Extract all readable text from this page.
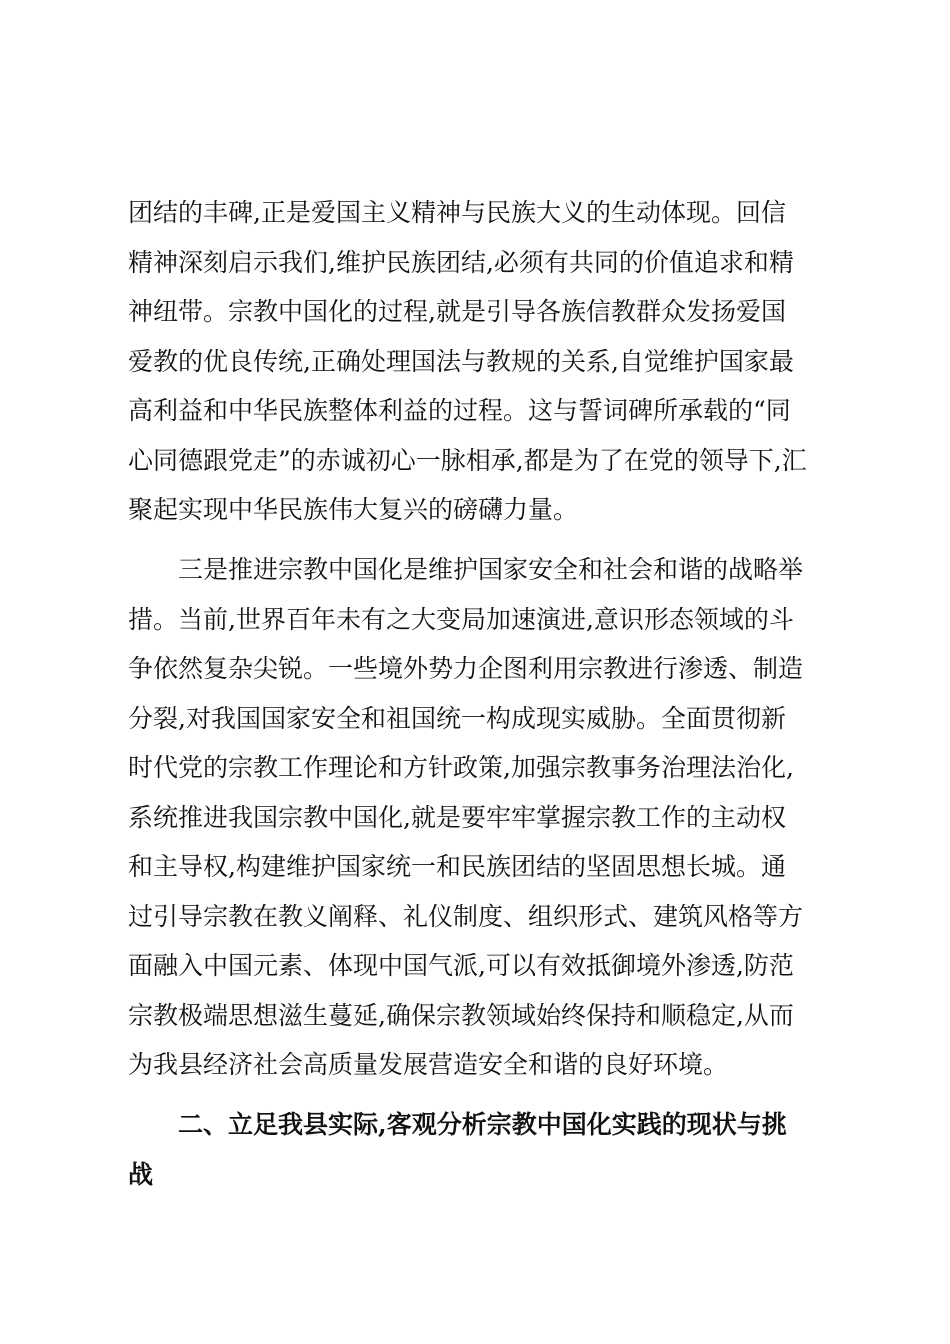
团结的丰碑,正是爱国主义精神与民族大义的生动体现。回信
精神深刻启示我们,维护民族团结,必须有共同的价值追求和精
神纽带。宗教中国化的过程,就是引导各族信教群众发扬爱国
爱教的优良传统,正确处理国法与教规的关系,自觉维护国家最
高利益和中华民族整体利益的过程。这与誓词碑所承载的“同
心同德跟党走”的赤诚初心一脉相承,都是为了在党的领导下,汇
聚起实现中华民族伟大复兴的磅礴力量。
三是推进宗教中国化是维护国家安全和社会和谐的战略举
措。当前,世界百年未有之大变局加速演进,意识形态领域的斗
争依然复杂尖锐。一些境外势力企图利用宗教进行渗透、制造
分裂,对我国国家安全和祖国统一构成现实威胁。全面贯彻新
时代党的宗教工作理论和方针政策,加强宗教事务治理法治化,
系统推进我国宗教中国化,就是要牢牢掌握宗教工作的主动权
和主导权,构建维护国家统一和民族团结的坚固思想长城。通
过引导宗教在教义阐释、礼仪制度、组织形式、建筑风格等方
面融入中国元素、体现中国气派,可以有效抵御境外渗透,防范
宗教极端思想滋生蔓延,确保宗教领域始终保持和顺稳定,从而
为我县经济社会高质量发展营造安全和谐的良好环境。
二、立足我县实际,客观分析宗教中国化实践的现状与挑
战
